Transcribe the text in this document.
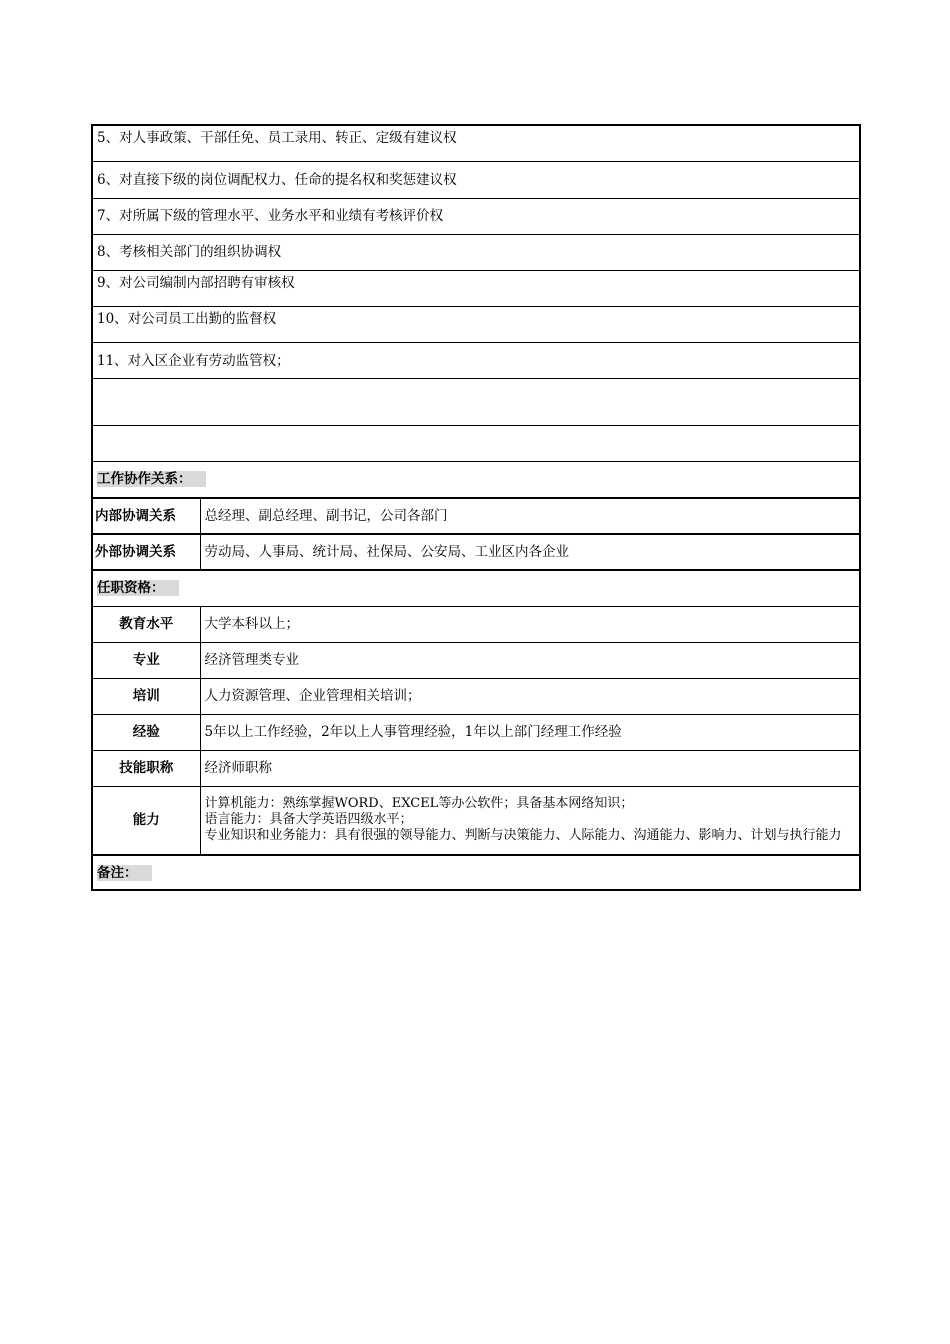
5、对人事政策、干部任免、员工录用、转正、定级有建议权	
6、对直接下级的岗位调配权力、任命的提名权和奖惩建议权	
7、对所属下级的管理水平、业务水平和业绩有考核评价权	
8、考核相关部门的组织协调权	
9、对公司编制内部招聘有审核权	
10、对公司员工出勤的监督权	
11、对入区企业有劳动监管权；	

工作协作关系：	
内部协调关系	总经理、副总经理、副书记，公司各部门
外部协调关系	劳动局、人事局、统计局、社保局、公安局、工业区内各企业
任职资格：	
教育水平	大学本科以上；
专业	经济管理类专业
培训	人力资源管理、企业管理相关培训；
经验	5年以上工作经验，2年以上人事管理经验，1年以上部门经理工作经验
技能职称	经济师职称
能力	计算机能力：熟练掌握WORD、EXCEL等办公软件；具备基本网络知识；
语言能力：具备大学英语四级水平；
专业知识和业务能力：具有很强的领导能力、判断与决策能力、人际能力、沟通能力、影响力、计划与执行能力

备注：	
